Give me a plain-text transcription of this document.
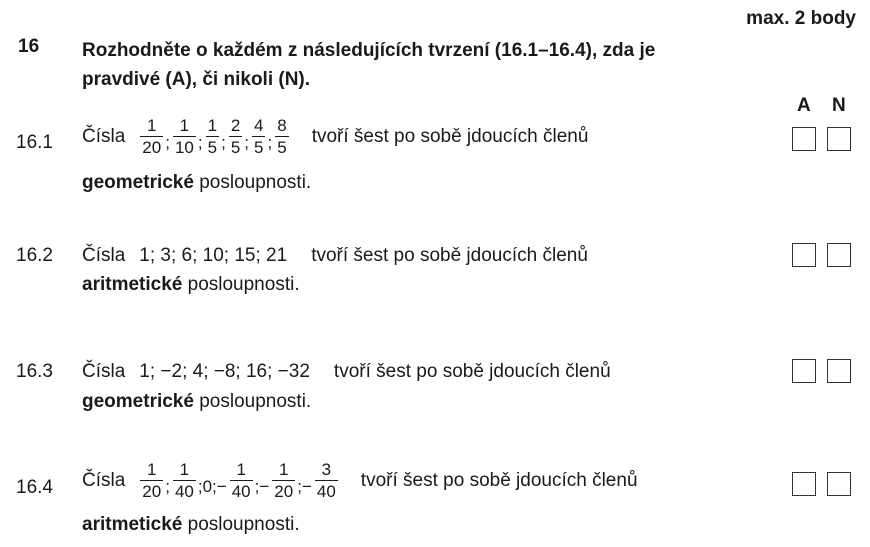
max. 2 body
16 Rozhodněte o každém z následujících tvrzení (16.1–16.4), zda je pravdivé (A), či nikoli (N).
A N
16.1 Čísla $\frac{1}{20}$ ; $\frac{1}{10}$ ; $\frac{1}{5}$ ; $\frac{2}{5}$ ; $\frac{4}{5}$ ; $\frac{8}{5}$ tvoří šest po sobě jdoucích členů
geometrické posloupnosti.
16.2 Čísla 1; 3; 6; 10; 15; 21 tvoří šest po sobě jdoucích členů
aritmetické posloupnosti.
16.3 Čísla 1; −2; 4; −8; 16; −32 tvoří šest po sobě jdoucích členů
geometrické posloupnosti.
16.4 Čísla $\frac{1}{20}$ ; $\frac{1}{40}$ ;0;− $\frac{1}{40}$ ;− $\frac{1}{20}$ ;− $\frac{3}{40}$ tvoří šest po sobě jdoucích členů
aritmetické posloupnosti.
